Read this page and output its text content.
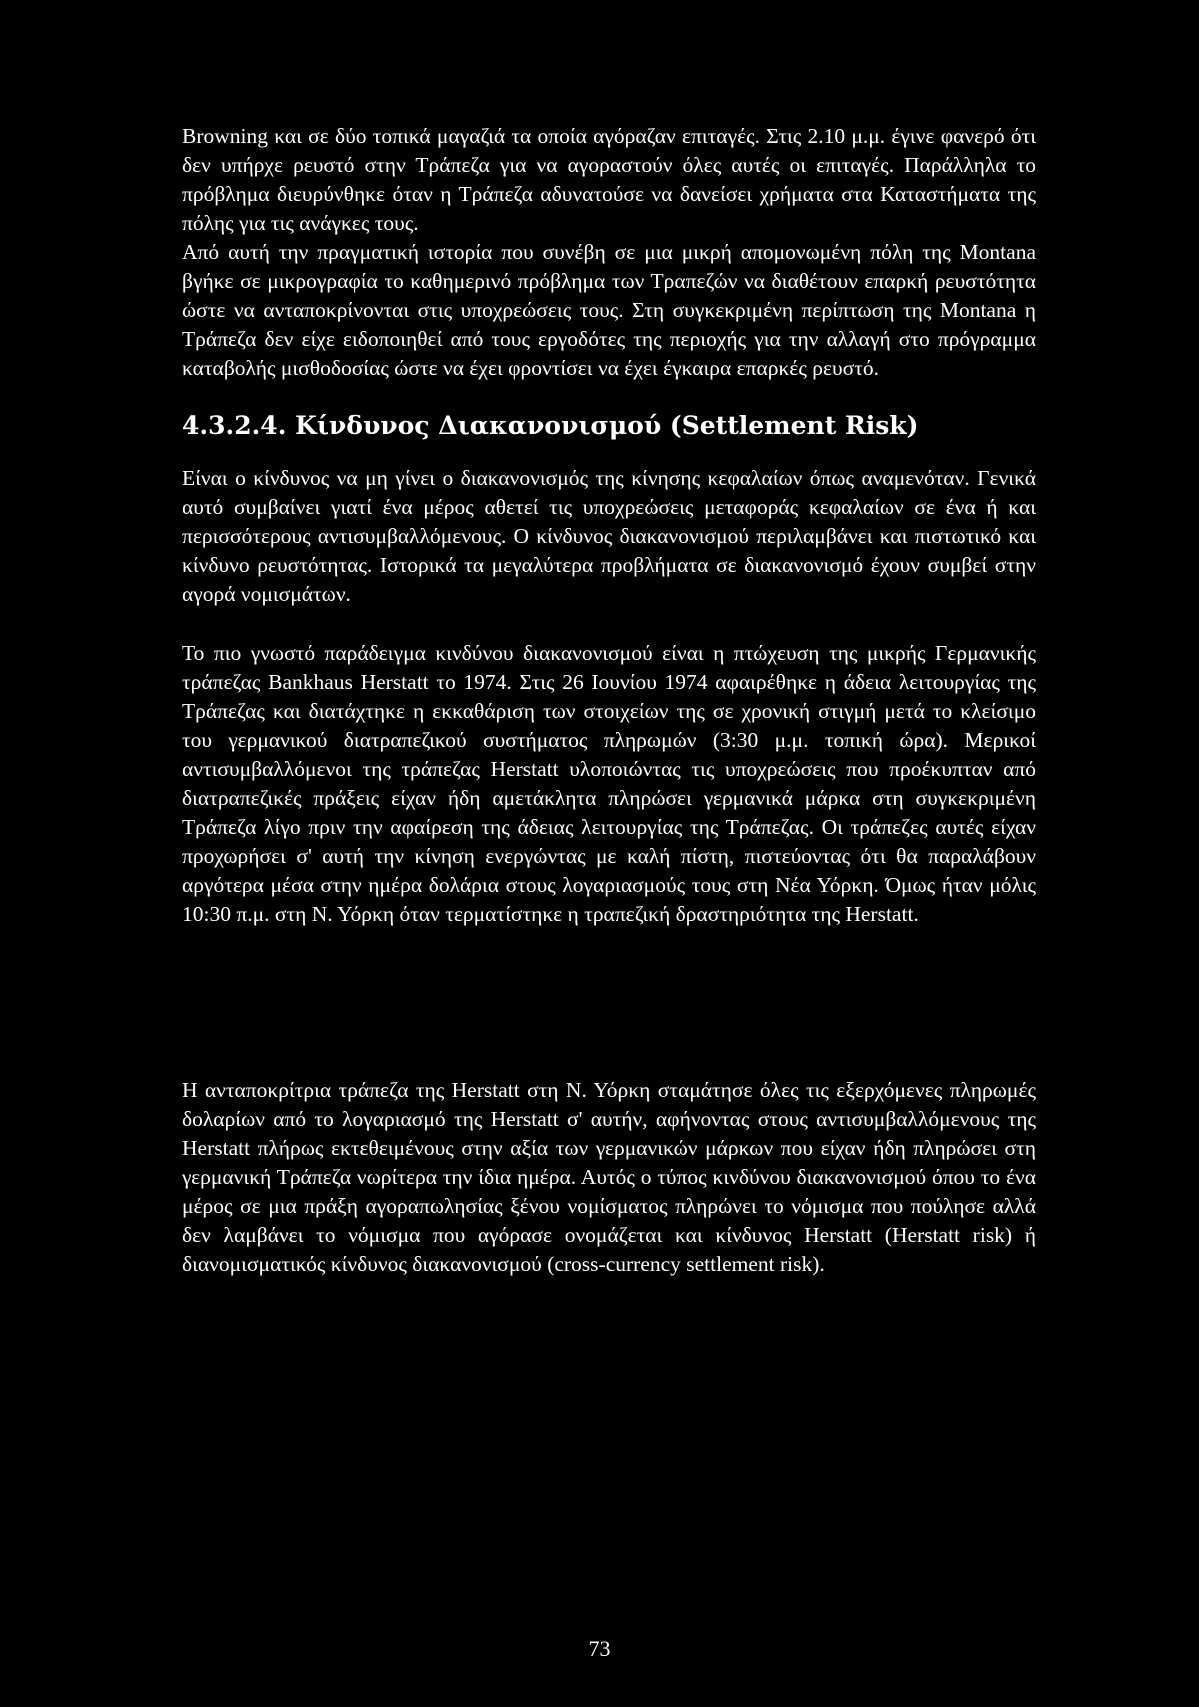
Browning και σε δύο τοπικά μαγαζιά τα οποία αγόραζαν επιταγές. Στις 2.10 μ.μ. έγινε φανερό ότι δεν υπήρχε ρευστό στην Τράπεζα για να αγοραστούν όλες αυτές οι επιταγές. Παράλληλα το πρόβλημα διευρύνθηκε όταν η Τράπεζα αδυνατούσε να δανείσει χρήματα στα Καταστήματα της πόλης για τις ανάγκες τους.

Από αυτή την πραγματική ιστορία που συνέβη σε μια μικρή απομονωμένη πόλη της Montana βγήκε σε μικρογραφία το καθημερινό πρόβλημα των Τραπεζών να διαθέτουν επαρκή ρευστότητα ώστε να ανταποκρίνονται στις υποχρεώσεις τους. Στη συγκεκριμένη περίπτωση της Montana η Τράπεζα δεν είχε ειδοποιηθεί από τους εργοδότες της περιοχής για την αλλαγή στο πρόγραμμα καταβολής μισθοδοσίας ώστε να έχει φροντίσει να έχει έγκαιρα επαρκές ρευστό.

4.3.2.4. Κίνδυνος Διακανονισμού (Settlement Risk)

Είναι ο κίνδυνος να μη γίνει ο διακανονισμός της κίνησης κεφαλαίων όπως αναμενόταν. Γενικά αυτό συμβαίνει γιατί ένα μέρος αθετεί τις υποχρεώσεις μεταφοράς κεφαλαίων σε ένα ή και περισσότερους αντισυμβαλλόμενους. Ο κίνδυνος διακανονισμού περιλαμβάνει και πιστωτικό και κίνδυνο ρευστότητας. Ιστορικά τα μεγαλύτερα προβλήματα σε διακανονισμό έχουν συμβεί στην αγορά νομισμάτων.

Το πιο γνωστό παράδειγμα κινδύνου διακανονισμού είναι η πτώχευση της μικρής Γερμανικής τράπεζας Bankhaus Herstatt το 1974. Στις 26 Ιουνίου 1974 αφαιρέθηκε η άδεια λειτουργίας της Τράπεζας και διατάχτηκε η εκκαθάριση των στοιχείων της σε χρονική στιγμή μετά το κλείσιμο του γερμανικού διατραπεζικού συστήματος πληρωμών (3:30 μ.μ. τοπική ώρα). Μερικοί αντισυμβαλλόμενοι της τράπεζας Herstatt υλοποιώντας τις υποχρεώσεις που προέκυπταν από διατραπεζικές πράξεις είχαν ήδη αμετάκλητα πληρώσει γερμανικά μάρκα στη συγκεκριμένη Τράπεζα λίγο πριν την αφαίρεση της άδειας λειτουργίας της Τράπεζας. Οι τράπεζες αυτές είχαν προχωρήσει σ' αυτή την κίνηση ενεργώντας με καλή πίστη, πιστεύοντας ότι θα παραλάβουν αργότερα μέσα στην ημέρα δολάρια στους λογαριασμούς τους στη Νέα Υόρκη. Όμως ήταν μόλις 10:30 π.μ. στη Ν. Υόρκη όταν τερματίστηκε η τραπεζική δραστηριότητα της Herstatt.

Η ανταποκρίτρια τράπεζα της Herstatt στη Ν. Υόρκη σταμάτησε όλες τις εξερχόμενες πληρωμές δολαρίων από το λογαριασμό της Herstatt σ' αυτήν, αφήνοντας στους αντισυμβαλλόμενους της Herstatt πλήρως εκτεθειμένους στην αξία των γερμανικών μάρκων που είχαν ήδη πληρώσει στη γερμανική Τράπεζα νωρίτερα την ίδια ημέρα. Αυτός ο τύπος κινδύνου διακανονισμού όπου το ένα μέρος σε μια πράξη αγοραπωλησίας ξένου νομίσματος πληρώνει το νόμισμα που πούλησε αλλά δεν λαμβάνει το νόμισμα που αγόρασε ονομάζεται και κίνδυνος Herstatt (Herstatt risk) ή διανομισματικός κίνδυνος διακανονισμού (cross-currency settlement risk).

73
